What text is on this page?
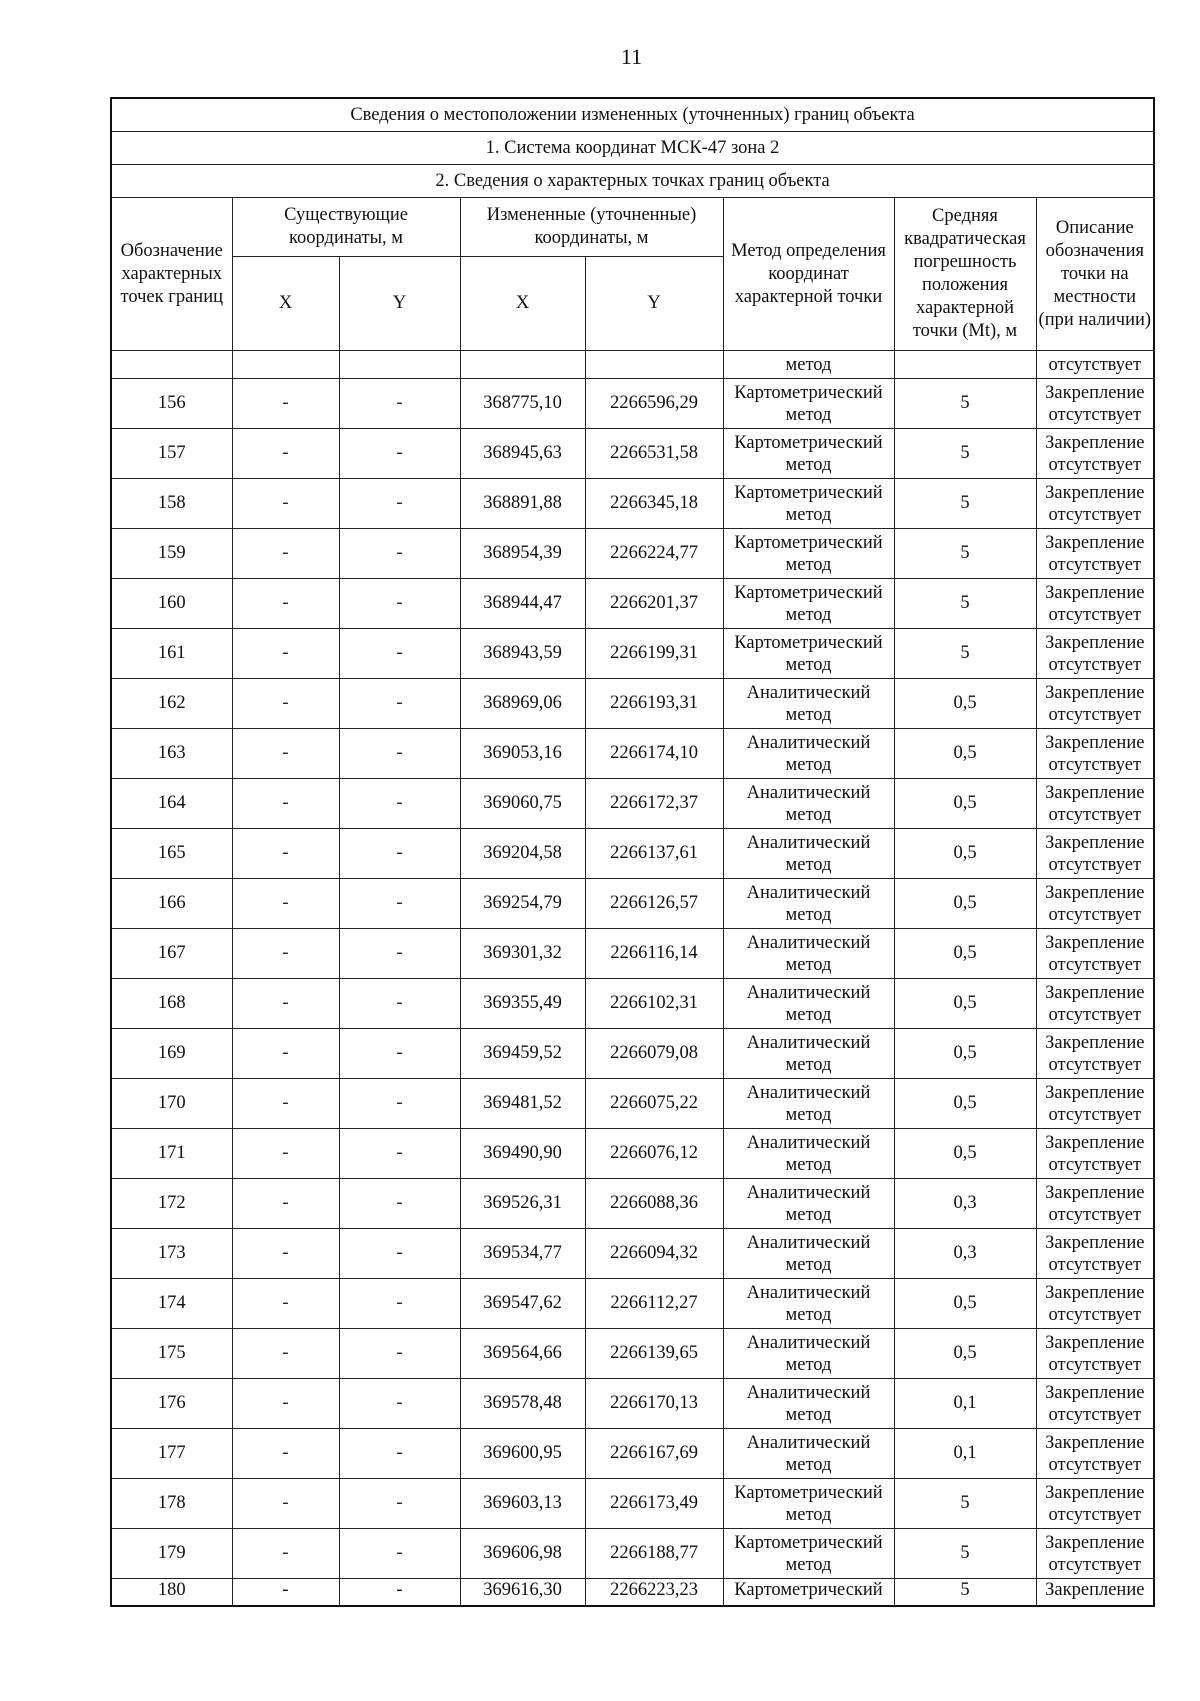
11
Сведения о местоположении измененных (уточненных) границ объекта							
1. Система координат МСК-47 зона 2							
2. Сведения о характерных точках границ объекта							
Обозначение характерных точек границ	Существующие координаты, м		Измененные (уточненные) координаты, м		Метод определения координат характерной точки	Средняя квадратическая погрешность положения характерной точки (Mt), м	Описание обозначения точки на местности (при наличии)
	X	Y	X	Y			
					метод		отсутствует
156	-	-	368775,10	2266596,29	Картометрический метод	5	Закрепление отсутствует
157	-	-	368945,63	2266531,58	Картометрический метод	5	Закрепление отсутствует
158	-	-	368891,88	2266345,18	Картометрический метод	5	Закрепление отсутствует
159	-	-	368954,39	2266224,77	Картометрический метод	5	Закрепление отсутствует
160	-	-	368944,47	2266201,37	Картометрический метод	5	Закрепление отсутствует
161	-	-	368943,59	2266199,31	Картометрический метод	5	Закрепление отсутствует
162	-	-	368969,06	2266193,31	Аналитический метод	0,5	Закрепление отсутствует
163	-	-	369053,16	2266174,10	Аналитический метод	0,5	Закрепление отсутствует
164	-	-	369060,75	2266172,37	Аналитический метод	0,5	Закрепление отсутствует
165	-	-	369204,58	2266137,61	Аналитический метод	0,5	Закрепление отсутствует
166	-	-	369254,79	2266126,57	Аналитический метод	0,5	Закрепление отсутствует
167	-	-	369301,32	2266116,14	Аналитический метод	0,5	Закрепление отсутствует
168	-	-	369355,49	2266102,31	Аналитический метод	0,5	Закрепление отсутствует
169	-	-	369459,52	2266079,08	Аналитический метод	0,5	Закрепление отсутствует
170	-	-	369481,52	2266075,22	Аналитический метод	0,5	Закрепление отсутствует
171	-	-	369490,90	2266076,12	Аналитический метод	0,5	Закрепление отсутствует
172	-	-	369526,31	2266088,36	Аналитический метод	0,3	Закрепление отсутствует
173	-	-	369534,77	2266094,32	Аналитический метод	0,3	Закрепление отсутствует
174	-	-	369547,62	2266112,27	Аналитический метод	0,5	Закрепление отсутствует
175	-	-	369564,66	2266139,65	Аналитический метод	0,5	Закрепление отсутствует
176	-	-	369578,48	2266170,13	Аналитический метод	0,1	Закрепление отсутствует
177	-	-	369600,95	2266167,69	Аналитический метод	0,1	Закрепление отсутствует
178	-	-	369603,13	2266173,49	Картометрический метод	5	Закрепление отсутствует
179	-	-	369606,98	2266188,77	Картометрический метод	5	Закрепление отсутствует
180	-	-	369616,30	2266223,23	Картометрический	5	Закрепление
